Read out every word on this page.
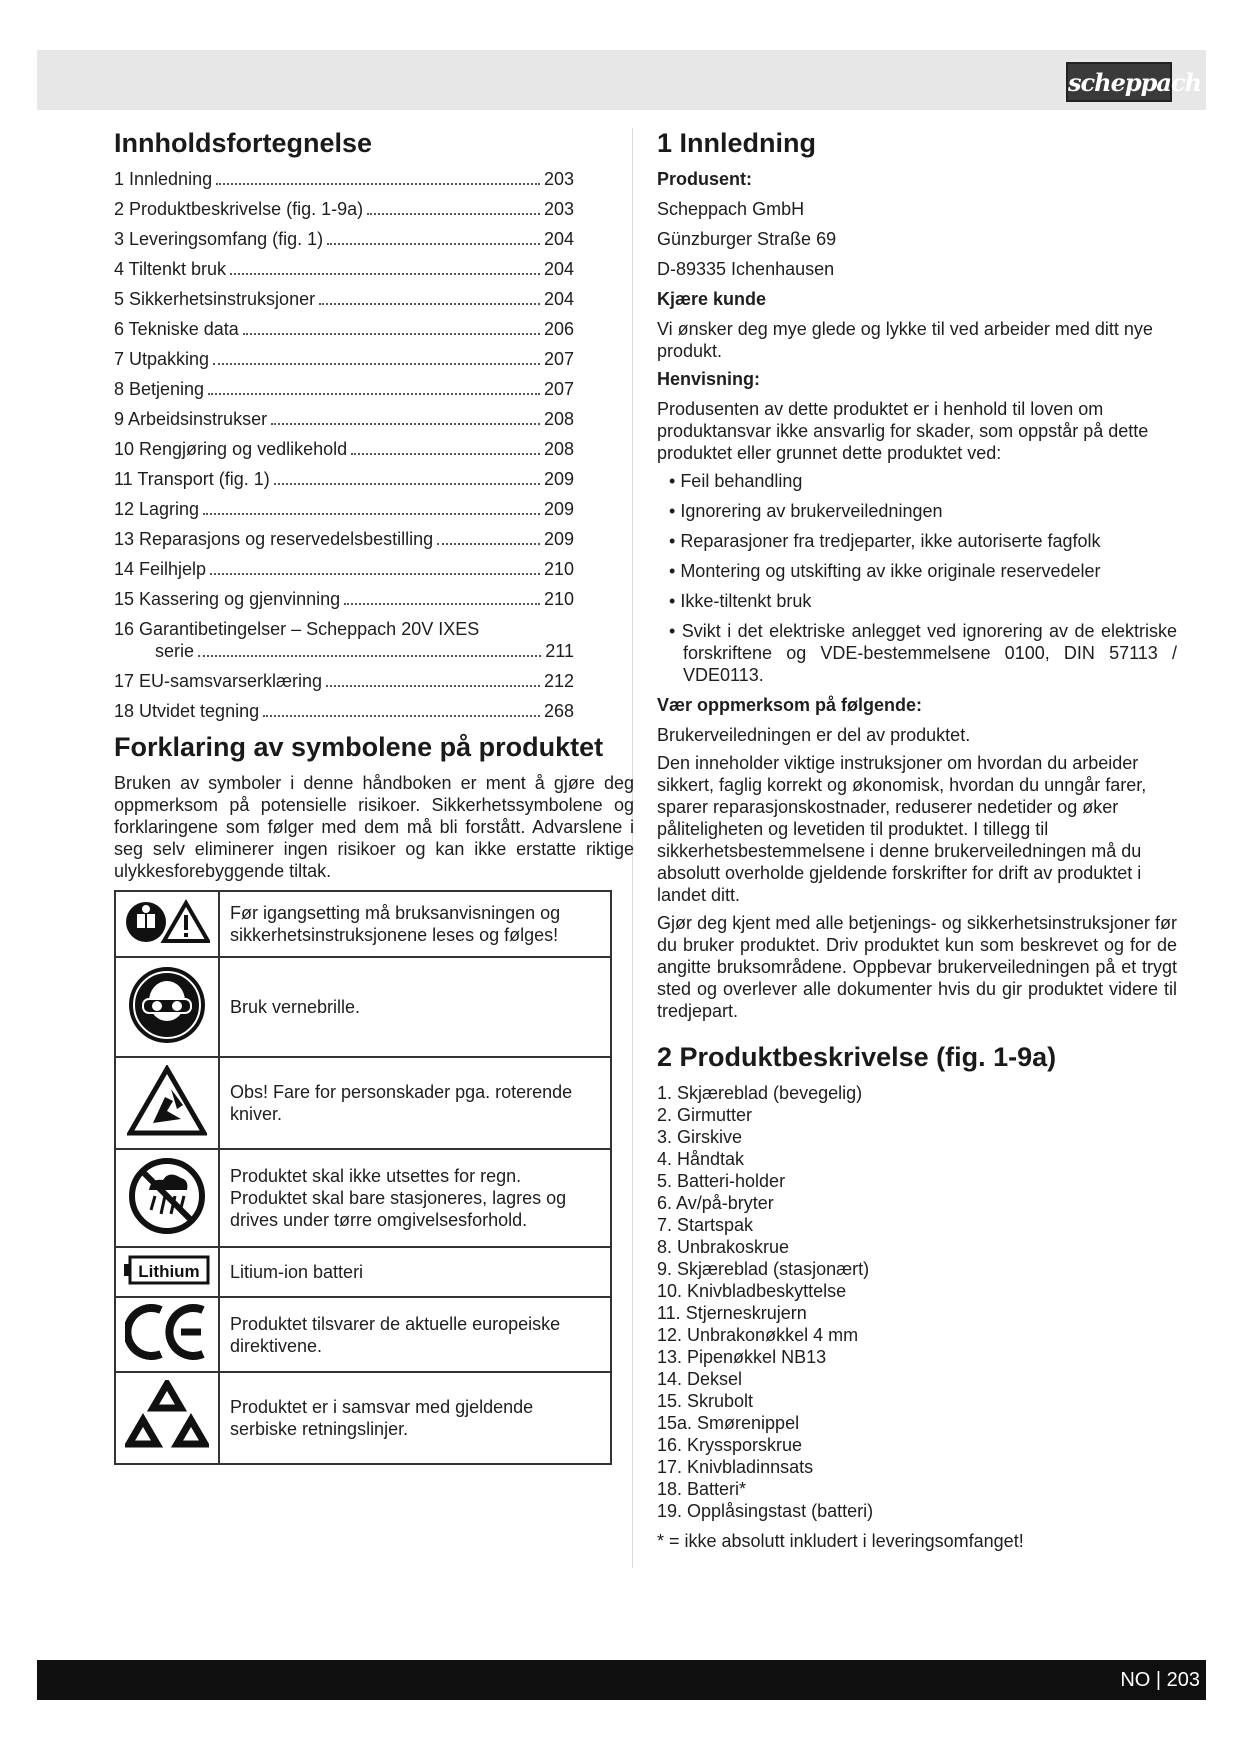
scheppach
Innholdsfortegnelse
1 Innledning	203
2 Produktbeskrivelse (fig. 1-9a)	203
3 Leveringsomfang (fig. 1)	204
4 Tiltenkt bruk	204
5 Sikkerhetsinstruksjoner	204
6 Tekniske data	206
7 Utpakking	207
8 Betjening	207
9 Arbeidsinstrukser	208
10 Rengjøring og vedlikehold	208
11 Transport (fig. 1)	209
12 Lagring	209
13 Reparasjons og reservedelsbestilling	209
14 Feilhjelp	210
15 Kassering og gjenvinning	210
16 Garantibetingelser – Scheppach 20V IXES
serie	211
17 EU-samsvarserklæring	212
18 Utvidet tegning	268
Forklaring av symbolene på produktet

Bruken av symboler i denne håndboken er ment å gjøre deg oppmerksom på potensielle risikoer. Sikkerhetssymbolene og forklaringene som følger med dem må bli forstått. Advarslene i seg selv eliminerer ingen risikoer og kan ikke erstatte riktige ulykkesforebyggende tiltak.

	Før igangsetting må bruksanvisningen og sikkerhetsinstruksjonene leses og følges!
	Bruk vernebrille.
	Obs! Fare for personskader pga. roterende kniver.
	Produktet skal ikke utsettes for regn. Produktet skal bare stasjoneres, lagres og drives under tørre omgivelsesforhold.

Lithium	Litium-ion batteri
	Produktet tilsvarer de aktuelle europeiske direktivene.
	Produktet er i samsvar med gjeldende serbiske retningslinjer.
1 Innledning
Produsent:
Scheppach GmbH
Günzburger Straße 69
D-89335 Ichenhausen
Kjære kunde

Vi ønsker deg mye glede og lykke til ved arbeider med ditt nye produkt.

Henvisning:

Produsenten av dette produktet er i henhold til loven om produktansvar ikke ansvarlig for skader, som oppstår på dette produktet eller grunnet dette produktet ved:

• Feil behandling
• Ignorering av brukerveiledningen
• Reparasjoner fra tredjeparter, ikke autoriserte fagfolk
• Montering og utskifting av ikke originale reservedeler
• Ikke-tiltenkt bruk
• Svikt i det elektriske anlegget ved ignorering av de elektriske forskriftene og VDE-bestemmelsene 0100, DIN 57113 / VDE0113.
Vær oppmerksom på følgende:

Brukerveiledningen er del av produktet.

Den inneholder viktige instruksjoner om hvordan du arbeider sikkert, faglig korrekt og økonomisk, hvordan du unngår farer, sparer reparasjonskostnader, reduserer nedetider og øker påliteligheten og levetiden til produktet. I tillegg til sikkerhetsbestemmelsene i denne brukerveiledningen må du absolutt overholde gjeldende forskrifter for drift av produktet i landet ditt.

Gjør deg kjent med alle betjenings- og sikkerhetsinstruksjoner før du bruker produktet. Driv produktet kun som beskrevet og for de angitte bruksområdene. Oppbevar brukerveiledningen på et trygt sted og overlever alle dokumenter hvis du gir produktet videre til tredjepart.

2 Produktbeskrivelse (fig. 1-9a)
1. Skjæreblad (bevegelig)
2. Girmutter
3. Girskive
4. Håndtak
5. Batteri-holder
6. Av/på-bryter
7. Startspak
8. Unbrakoskrue
9. Skjæreblad (stasjonært)
10. Knivbladbeskyttelse
11. Stjerneskrujern
12. Unbrakonøkkel 4 mm
13. Pipenøkkel NB13
14. Deksel
15. Skrubolt
15a. Smørenippel
16. Kryssporskrue
17. Knivbladinnsats
18. Batteri*
19. Opplåsingstast (batteri)

* = ikke absolutt inkludert i leveringsomfanget!

NO | 203
